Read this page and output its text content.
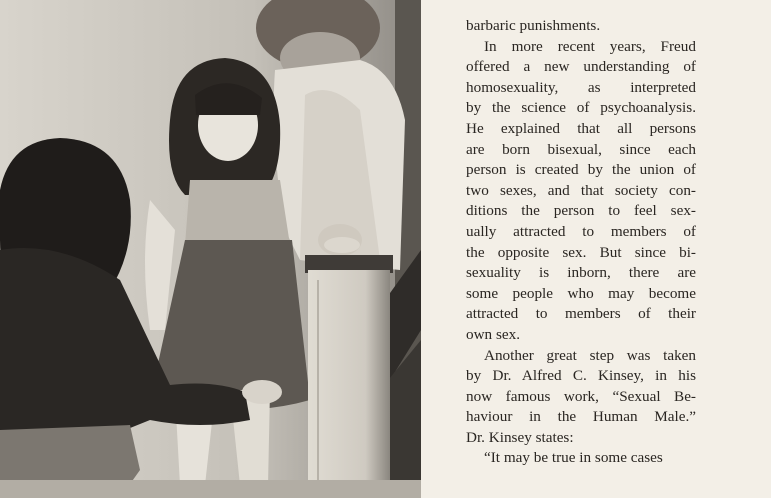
barbaric punishments.

In more recent years, Freud
offered a new understanding of
homosexuality, as interpreted
by the science of psychoanalysis.
He explained that all persons
are born bisexual, since each
person is created by the union of
two sexes, and that society con-
ditions the person to feel sex-
ually attracted to members of
the opposite sex. But since bi-
sexuality is inborn, there are
some people who may become
attracted to members of their
own sex.

Another great step was taken
by Dr. Alfred C. Kinsey, in his
now famous work, “Sexual Be-
haviour in the Human Male.”
Dr. Kinsey states:

“It may be true in some cases
